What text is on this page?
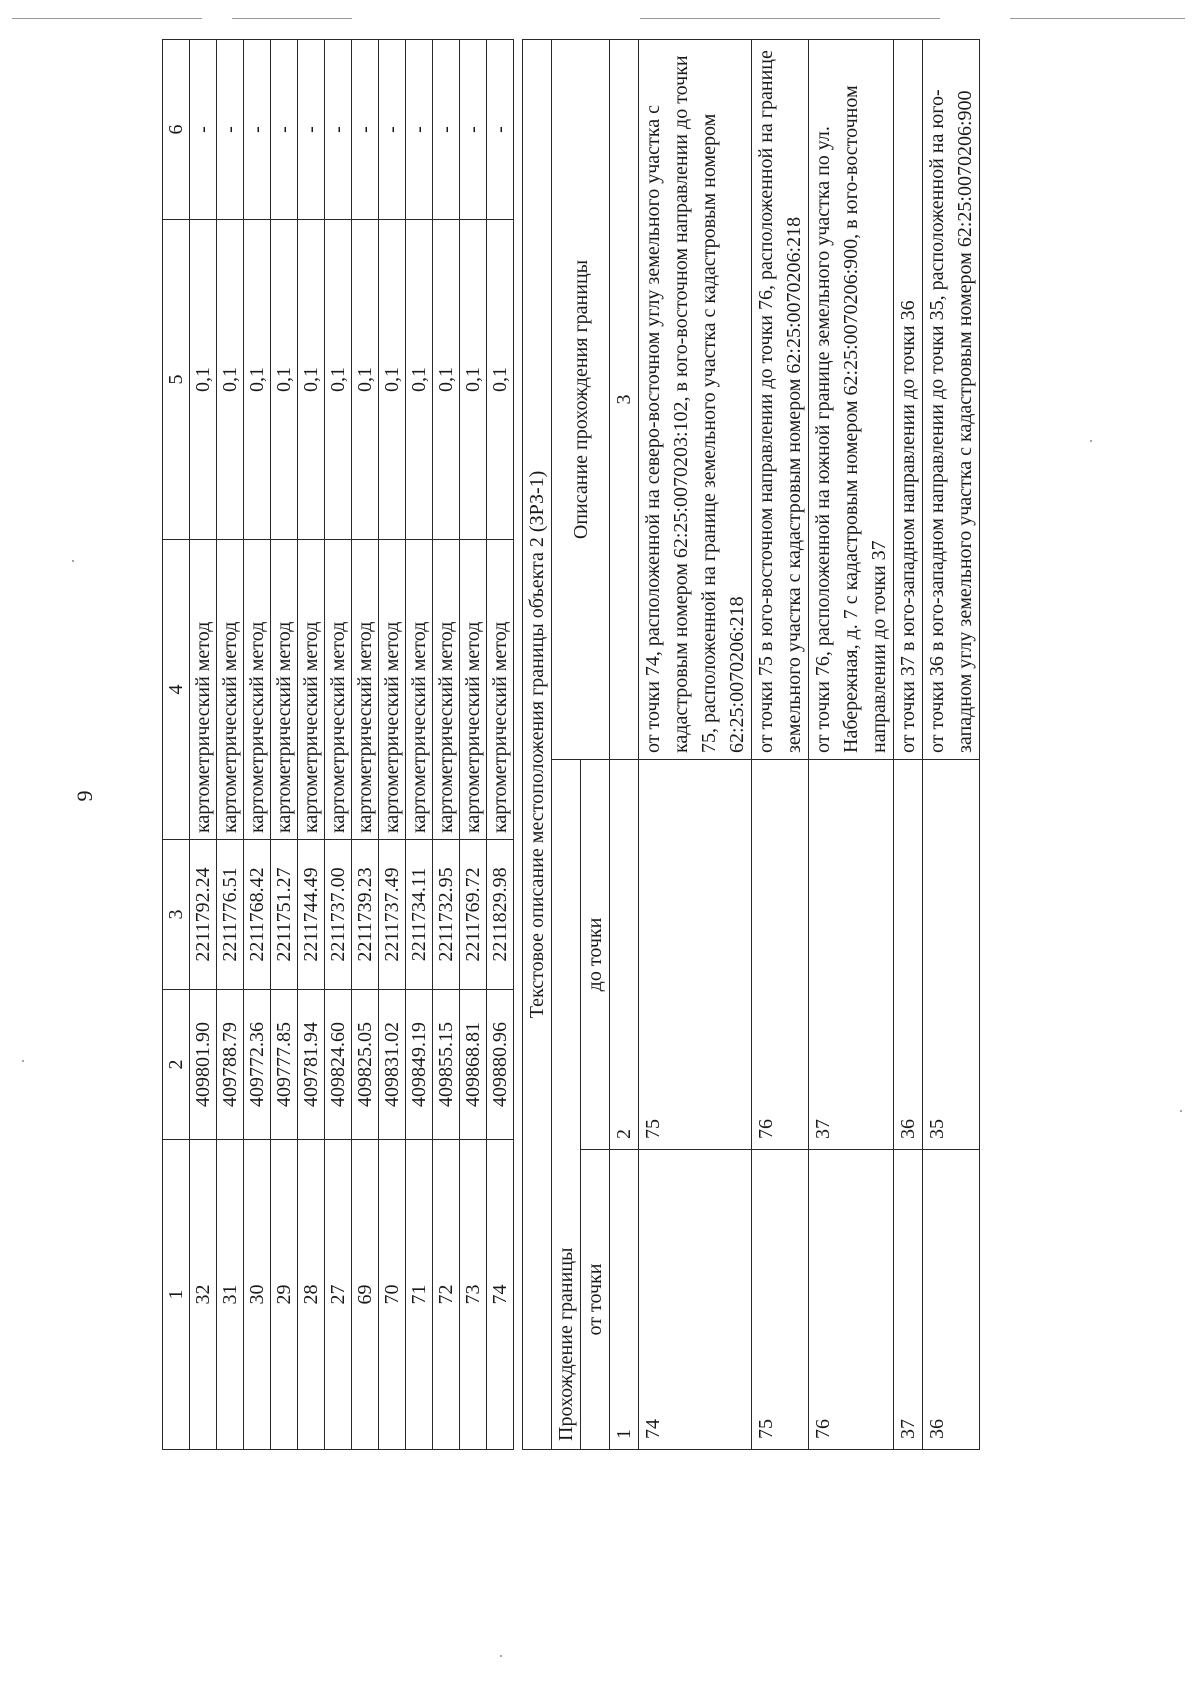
9
1	2	3	4	5	6
32	409801.90	2211792.24	картометрический метод	0,1	-
31	409788.79	2211776.51	картометрический метод	0,1	-
30	409772.36	2211768.42	картометрический метод	0,1	-
29	409777.85	2211751.27	картометрический метод	0,1	-
28	409781.94	2211744.49	картометрический метод	0,1	-
27	409824.60	2211737.00	картометрический метод	0,1	-
69	409825.05	2211739.23	картометрический метод	0,1	-
70	409831.02	2211737.49	картометрический метод	0,1	-
71	409849.19	2211734.11	картометрический метод	0,1	-
72	409855.15	2211732.95	картометрический метод	0,1	-
73	409868.81	2211769.72	картометрический метод	0,1	-
74	409880.96	2211829.98	картометрический метод	0,1	-
Текстовое описание местоположения границы объекта 2 (ЗРЗ-1)		
Прохождение границы		Описание прохождения границы
от точки	до точки	
1	2	3
74	75	от точки 74, расположенной на северо-восточном углу земельного участка с кадастровым номером 62:25:0070203:102, в юго-восточном направлении до точки 75, расположенной на границе земельного участка с кадастровым номером 62:25:0070206:218
75	76	от точки 75 в юго-восточном направлении до точки 76, расположенной на границе земельного участка с кадастровым номером 62:25:0070206:218
76	37	от точки 76, расположенной на южной границе земельного участка по ул. Набережная, д. 7 с кадастровым номером 62:25:0070206:900, в юго-восточном направлении до точки 37
37	36	от точки 37 в юго-западном направлении до точки 36
36	35	от точки 36 в юго-западном направлении до точки 35, расположенной на юго-западном углу земельного участка с кадастровым номером 62:25:0070206:900
